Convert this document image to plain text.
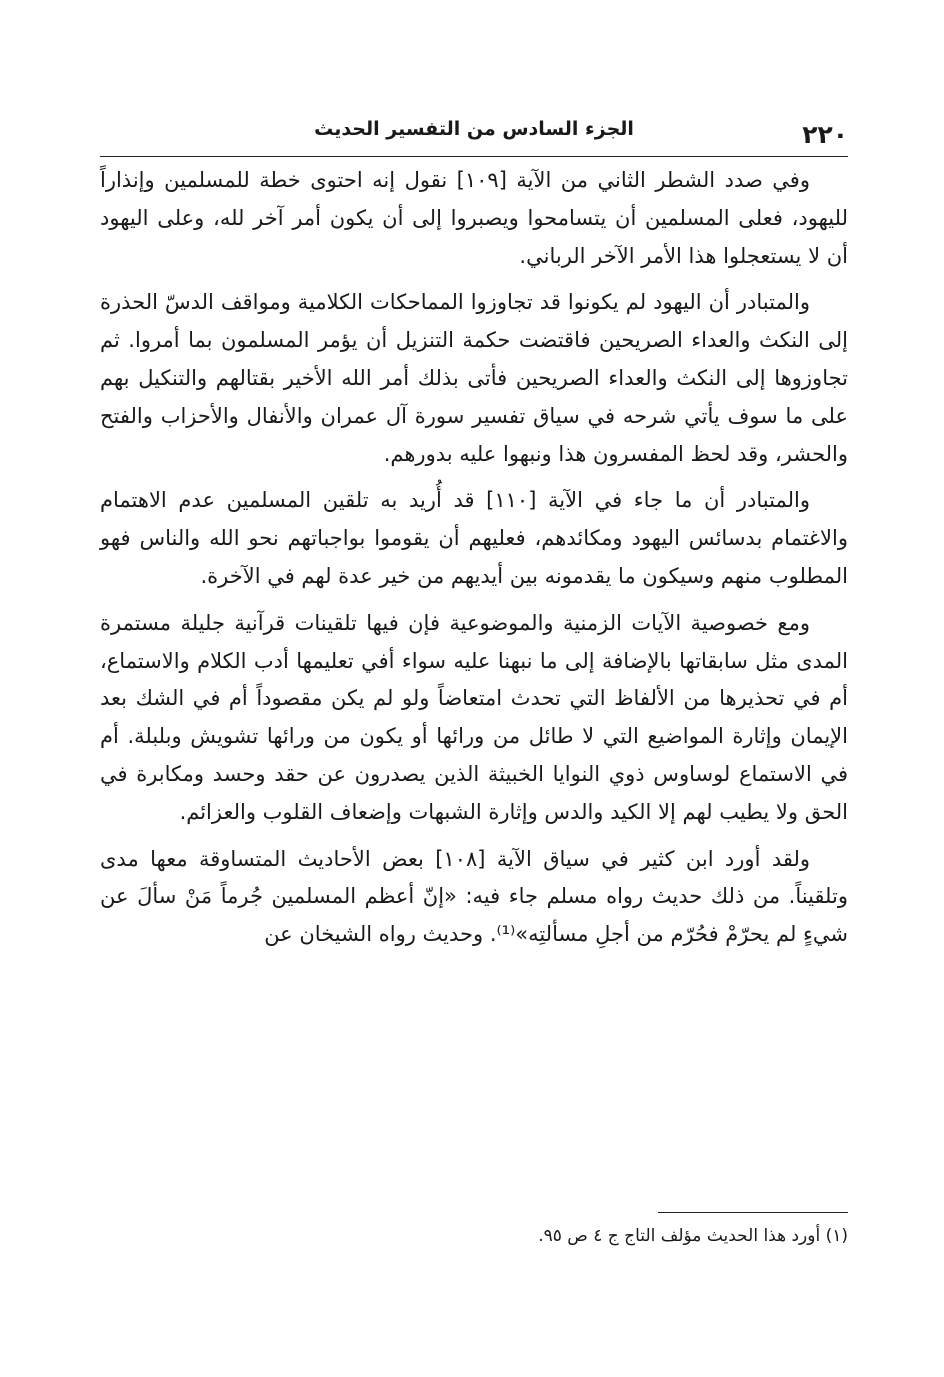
٢٢٠
الجزء السادس من التفسير الحديث

وفي صدد الشطر الثاني من الآية [١٠٩] نقول إنه احتوى خطة للمسلمين وإنذاراً لليهود، فعلى المسلمين أن يتسامحوا ويصبروا إلى أن يكون أمر آخر لله، وعلى اليهود أن لا يستعجلوا هذا الأمر الآخر الرباني.

والمتبادر أن اليهود لم يكونوا قد تجاوزوا المماحكات الكلامية ومواقف الدسّ الحذرة إلى النكث والعداء الصريحين فاقتضت حكمة التنزيل أن يؤمر المسلمون بما أمروا. ثم تجاوزوها إلى النكث والعداء الصريحين فأتى بذلك أمر الله الأخير بقتالهم والتنكيل بهم على ما سوف يأتي شرحه في سياق تفسير سورة آل عمران والأنفال والأحزاب والفتح والحشر، وقد لحظ المفسرون هذا ونبهوا عليه بدورهم.

والمتبادر أن ما جاء في الآية [١١٠] قد أُريد به تلقين المسلمين عدم الاهتمام والاغتمام بدسائس اليهود ومكائدهم، فعليهم أن يقوموا بواجباتهم نحو الله والناس فهو المطلوب منهم وسيكون ما يقدمونه بين أيديهم من خير عدة لهم في الآخرة.

ومع خصوصية الآيات الزمنية والموضوعية فإن فيها تلقينات قرآنية جليلة مستمرة المدى مثل سابقاتها بالإضافة إلى ما نبهنا عليه سواء أفي تعليمها أدب الكلام والاستماع، أم في تحذيرها من الألفاظ التي تحدث امتعاضاً ولو لم يكن مقصوداً أم في الشك بعد الإيمان وإثارة المواضيع التي لا طائل من ورائها أو يكون من ورائها تشويش وبلبلة. أم في الاستماع لوساوس ذوي النوايا الخبيثة الذين يصدرون عن حقد وحسد ومكابرة في الحق ولا يطيب لهم إلا الكيد والدس وإثارة الشبهات وإضعاف القلوب والعزائم.

ولقد أورد ابن كثير في سياق الآية [١٠٨] بعض الأحاديث المتساوقة معها مدى وتلقيناً. من ذلك حديث رواه مسلم جاء فيه: «إنّ أعظم المسلمين جُرماً مَنْ سألَ عن شيءٍ لم يحرّمْ فحُرّم من أجلِ مسألتِه»⁽¹⁾. وحديث رواه الشيخان عن

(١) أورد هذا الحديث مؤلف التاج ج ٤ ص ٩٥.
